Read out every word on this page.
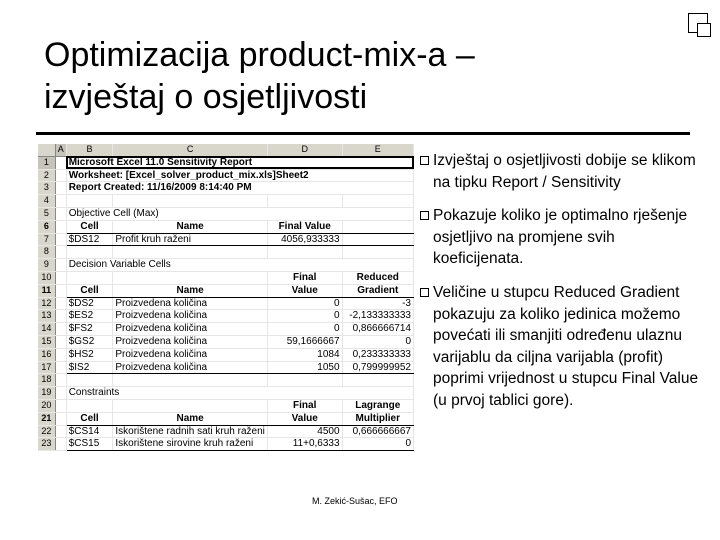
Optimizacija product-mix-a –
izvještaj o osjetljivosti
	A	B	C	D	E
1		Microsoft Excel 11.0 Sensitivity Report			
2		Worksheet: [Excel_solver_product_mix.xls]Sheet2			
3		Report Created: 11/16/2009 8:14:40 PM			
4					
5		Objective Cell (Max)			
6		Cell	Name	Final Value	
7		$DS12	Profit kruh raženi	4056,933333	
8					
9		Decision Variable Cells			
10				Final	Reduced
11		Cell	Name	Value	Gradient
12		$DS2	Proizvedena količina	0	-3
13		$ES2	Proizvedena količina	0	-2,133333333
14		$FS2	Proizvedena količina	0	0,866666714
15		$GS2	Proizvedena količina	59,1666667	0
16		$HS2	Proizvedena količina	1084	0,233333333
17		$IS2	Proizvedena količina	1050	0,799999952
18					
19		Constraints			
20				Final	Lagrange
21		Cell	Name	Value	Multiplier
22		$CS14	Iskorištene radnih sati kruh raženi	4500	0,666666667
23		$CS15	Iskorištene sirovine kruh raženi	11+0,6333	0
M. Zekić-Sušac, EFO
Izvještaj o osjetljivosti dobije se klikom na tipku Report / Sensitivity
Pokazuje koliko je optimalno rješenje osjetljivo na promjene svih koeficijenata.
Veličine u stupcu Reduced Gradient pokazuju za koliko jedinica možemo povećati ili smanjiti određenu ulaznu varijablu da ciljna varijabla (profit) poprimi vrijednost u stupcu Final Value (u prvoj tablici gore).
